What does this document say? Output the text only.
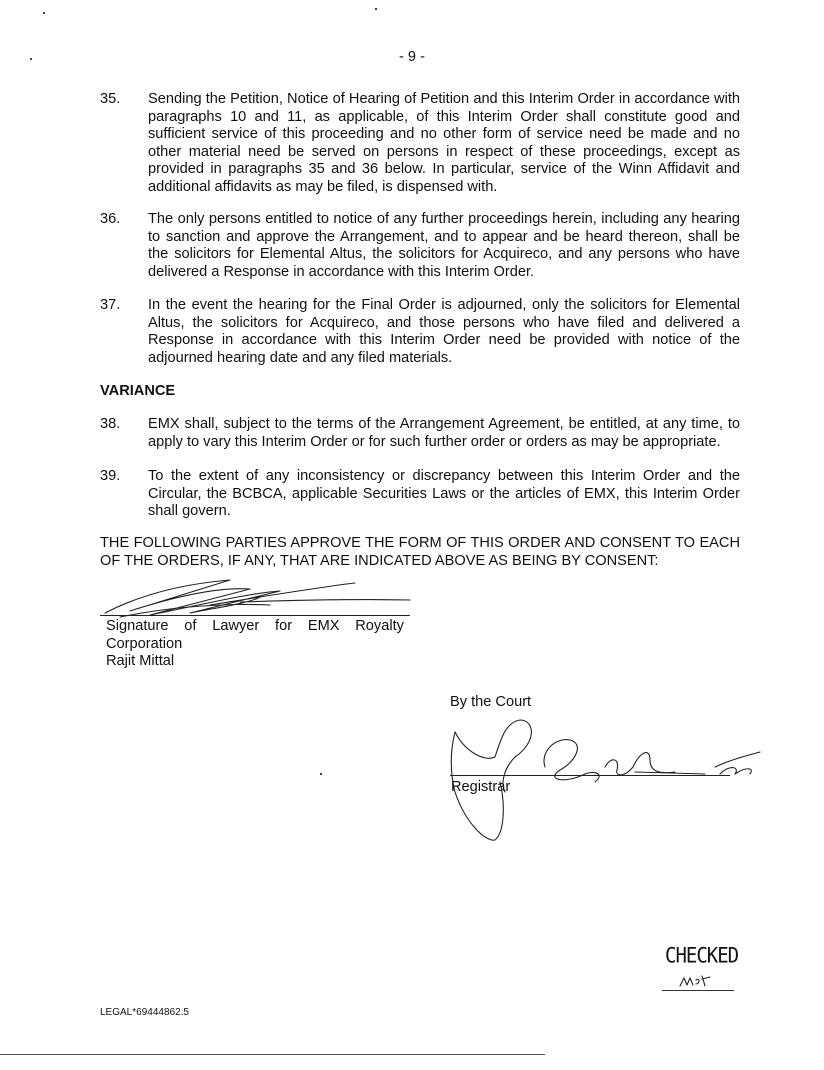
- 9 -
35. Sending the Petition, Notice of Hearing of Petition and this Interim Order in accordance with paragraphs 10 and 11, as applicable, of this Interim Order shall constitute good and sufficient service of this proceeding and no other form of service need be made and no other material need be served on persons in respect of these proceedings, except as provided in paragraphs 35 and 36 below. In particular, service of the Winn Affidavit and additional affidavits as may be filed, is dispensed with.
36. The only persons entitled to notice of any further proceedings herein, including any hearing to sanction and approve the Arrangement, and to appear and be heard thereon, shall be the solicitors for Elemental Altus, the solicitors for Acquireco, and any persons who have delivered a Response in accordance with this Interim Order.
37. In the event the hearing for the Final Order is adjourned, only the solicitors for Elemental Altus, the solicitors for Acquireco, and those persons who have filed and delivered a Response in accordance with this Interim Order need be provided with notice of the adjourned hearing date and any filed materials.
VARIANCE
38. EMX shall, subject to the terms of the Arrangement Agreement, be entitled, at any time, to apply to vary this Interim Order or for such further order or orders as may be appropriate.
39. To the extent of any inconsistency or discrepancy between this Interim Order and the Circular, the BCBCA, applicable Securities Laws or the articles of EMX, this Interim Order shall govern.
THE FOLLOWING PARTIES APPROVE THE FORM OF THIS ORDER AND CONSENT TO EACH OF THE ORDERS, IF ANY, THAT ARE INDICATED ABOVE AS BEING BY CONSENT:
Signature of Lawyer for EMX Royalty
Corporation
Rajit Mittal
By the Court
Registrar
CHECKED
LEGAL*69444862.5
